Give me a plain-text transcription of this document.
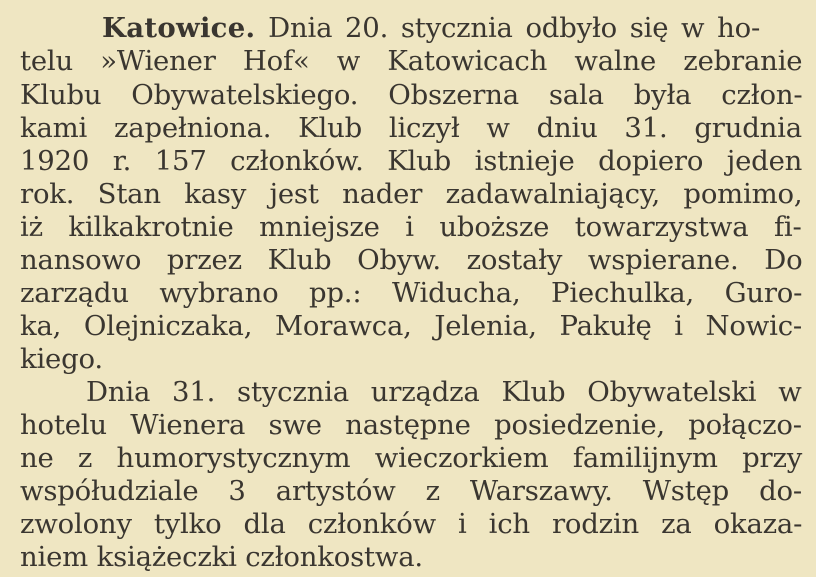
Katowice. Dnia 20. stycznia odbyło się w ho-
telu »Wiener Hof« w Katowicach walne zebranie
Klubu Obywatelskiego. Obszerna sala była człon-
kami zapełniona. Klub liczył w dniu 31. grudnia
1920 r. 157 członków. Klub istnieje dopiero jeden
rok. Stan kasy jest nader zadawalniający, pomimo,
iż kilkakrotnie mniejsze i uboższe towarzystwa fi-
nansowo przez Klub Obyw. zostały wspierane. Do
zarządu wybrano pp.: Widucha, Piechulka, Guro-
ka, Olejniczaka, Morawca, Jelenia, Pakułę i Nowic-
kiego.
Dnia 31. stycznia urządza Klub Obywatelski w
hotelu Wienera swe następne posiedzenie, połączo-
ne z humorystycznym wieczorkiem familijnym przy
współudziale 3 artystów z Warszawy. Wstęp do-
zwolony tylko dla członków i ich rodzin za okaza-
niem książeczki członkostwa.
